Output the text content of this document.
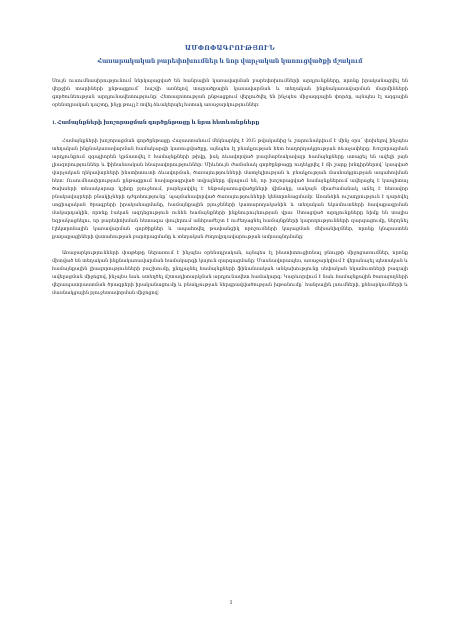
ԱՄՓՈՓԱԳՐՈՒԹՅՈՒՆ
Հասարակական բարեփոխումներ և նոր վարչական կառուցվածքի մշակում

Սույն ուսումնասիրությունում ներկայացված են հանրային կառավարման բարեփոխումների արդյունքները, որոնք իրականացվել են վերջին տարիների ընթացքում՝ հաշվի առնելով տարածքային կառավարման և տեղական ինքնակառավարման մարմինների գործունեության արդյունավետությունը: Հետազոտության ընթացքում վերլուծվել են ինչպես միջազգային փորձը, այնպես էլ ազգային օրենսդրական դաշտը, ինչը թույլ է տվել ձևակերպել հստակ առաջարկություններ:

1. Համայնքների խոշորացման գործընթացը և նրա հետևանքները

Համայնքների խոշորացման գործընթացը Հայաստանում մեկնարկել է 2015 թվականից և շարունակվում է մինչ օրս՝ փոխելով ինչպես տեղական ինքնակառավարման համակարգի կառուցվածքը, այնպես էլ բնակչության հետ հաղորդակցության ձևաչափերը: Խոշորացման արդյունքում զգալիորեն կրճատվել է համայնքների թիվը, իսկ ձևավորված բազմաբնակավայր համայնքները ստացել են ավելի լայն լիազորություններ և ֆինանսական հնարավորություններ: Միևնույն ժամանակ գործընթացը ուղեկցվել է մի շարք խնդիրներով՝ կապված վարչական ղեկավարների ինստիտուտի ձևավորման, ծառայությունների մատչելիության և բնակչության մասնակցության ապահովման հետ: Ուսումնասիրության ընթացքում հավաքագրված տվյալները վկայում են, որ խոշորացված համայնքներում ավելացել է կապիտալ ծախսերի տեսակարար կշիռը բյուջեում, բարելավվել է ենթակառուցվածքների վիճակը, սակայն միաժամանակ աճել է հեռավոր բնակավայրերի բնակիչների դժգոհությունը՝ պայմանավորված ծառայությունների կենտրոնացմամբ: Առանձին ուշադրություն է դարձվել սոցիալական ծրագրերի իրականացմանը, համայնքային բյուջեների կատարողականին և տեղական եկամուտների հավաքագրման մակարդակին, որոնք էական ազդեցություն ունեն համայնքների ինքնուրույնության վրա: Ստացված արդյունքները հիմք են տալիս եզրակացնելու, որ բարեփոխման հետագա փուլերում անհրաժեշտ է ուժեղացնել համայնքների կարողությունների զարգացումը, ներդնել էլեկտրոնային կառավարման գործիքներ և ապահովել թափանցիկ որոշումների կայացման մեխանիզմներ, որոնք կնպաստեն քաղաքացիների վստահության բարձրացմանը և տեղական ժողովրդավարության ամրապնդմանը:

Առաջարկությունների փաթեթը ներառում է ինչպես օրենսդրական, այնպես էլ ինստիտուցիոնալ բնույթի միջոցառումներ, որոնք միտված են տեղական ինքնակառավարման համակարգի կայուն զարգացմանը: Մասնավորապես, առաջարկվում է վերանայել պետական և համայնքային լիազորությունների բաշխումը, ընդլայնել համայնքների ֆինանսական անկախությունը սեփական եկամուտների բազայի ավելացման միջոցով, ինչպես նաև ստեղծել մշտադիտարկման արդյունավետ համակարգ: Կարևորվում է նաև համայնքային ծառայողների վերապատրաստման ծրագրերի իրականացումը և բնակչության ներգրավվածության խթանումը՝ հանրային լսումների, քննարկումների և մասնակցային բյուջետավորման միջոցով:

1
